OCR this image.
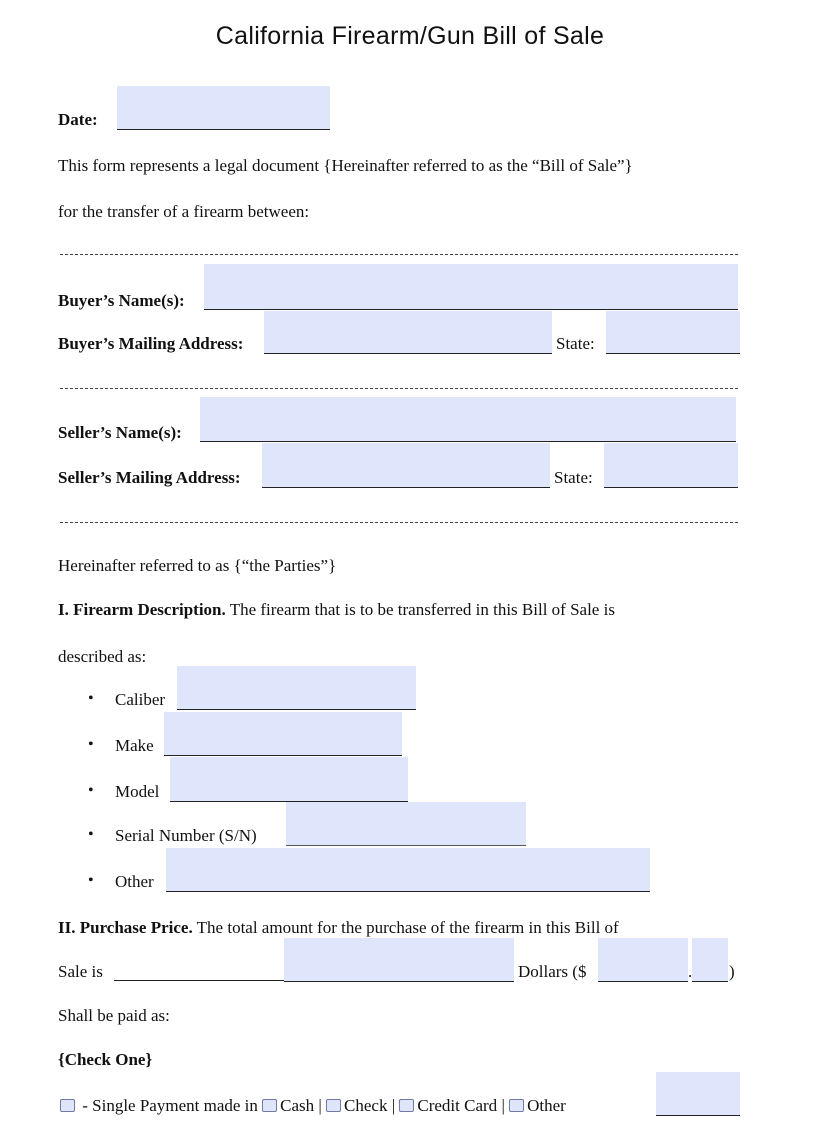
California Firearm/Gun Bill of Sale
Date:
This form represents a legal document {Hereinafter referred to as the “Bill of Sale”}
for the transfer of a firearm between:
Buyer’s Name(s):
Buyer’s Mailing Address:	State:
Seller’s Name(s):
Seller’s Mailing Address:	State:
Hereinafter referred to as {“the Parties”}
I. Firearm Description. The firearm that is to be transferred in this Bill of Sale is
described as:
• Caliber
• Make
• Model
• Serial Number (S/N)
• Other
II. Purchase Price. The total amount for the purchase of the firearm in this Bill of
Sale is	Dollars ($	. )
Shall be paid as:
{Check One}
- Single Payment made in Cash | Check | Credit Card | Other
